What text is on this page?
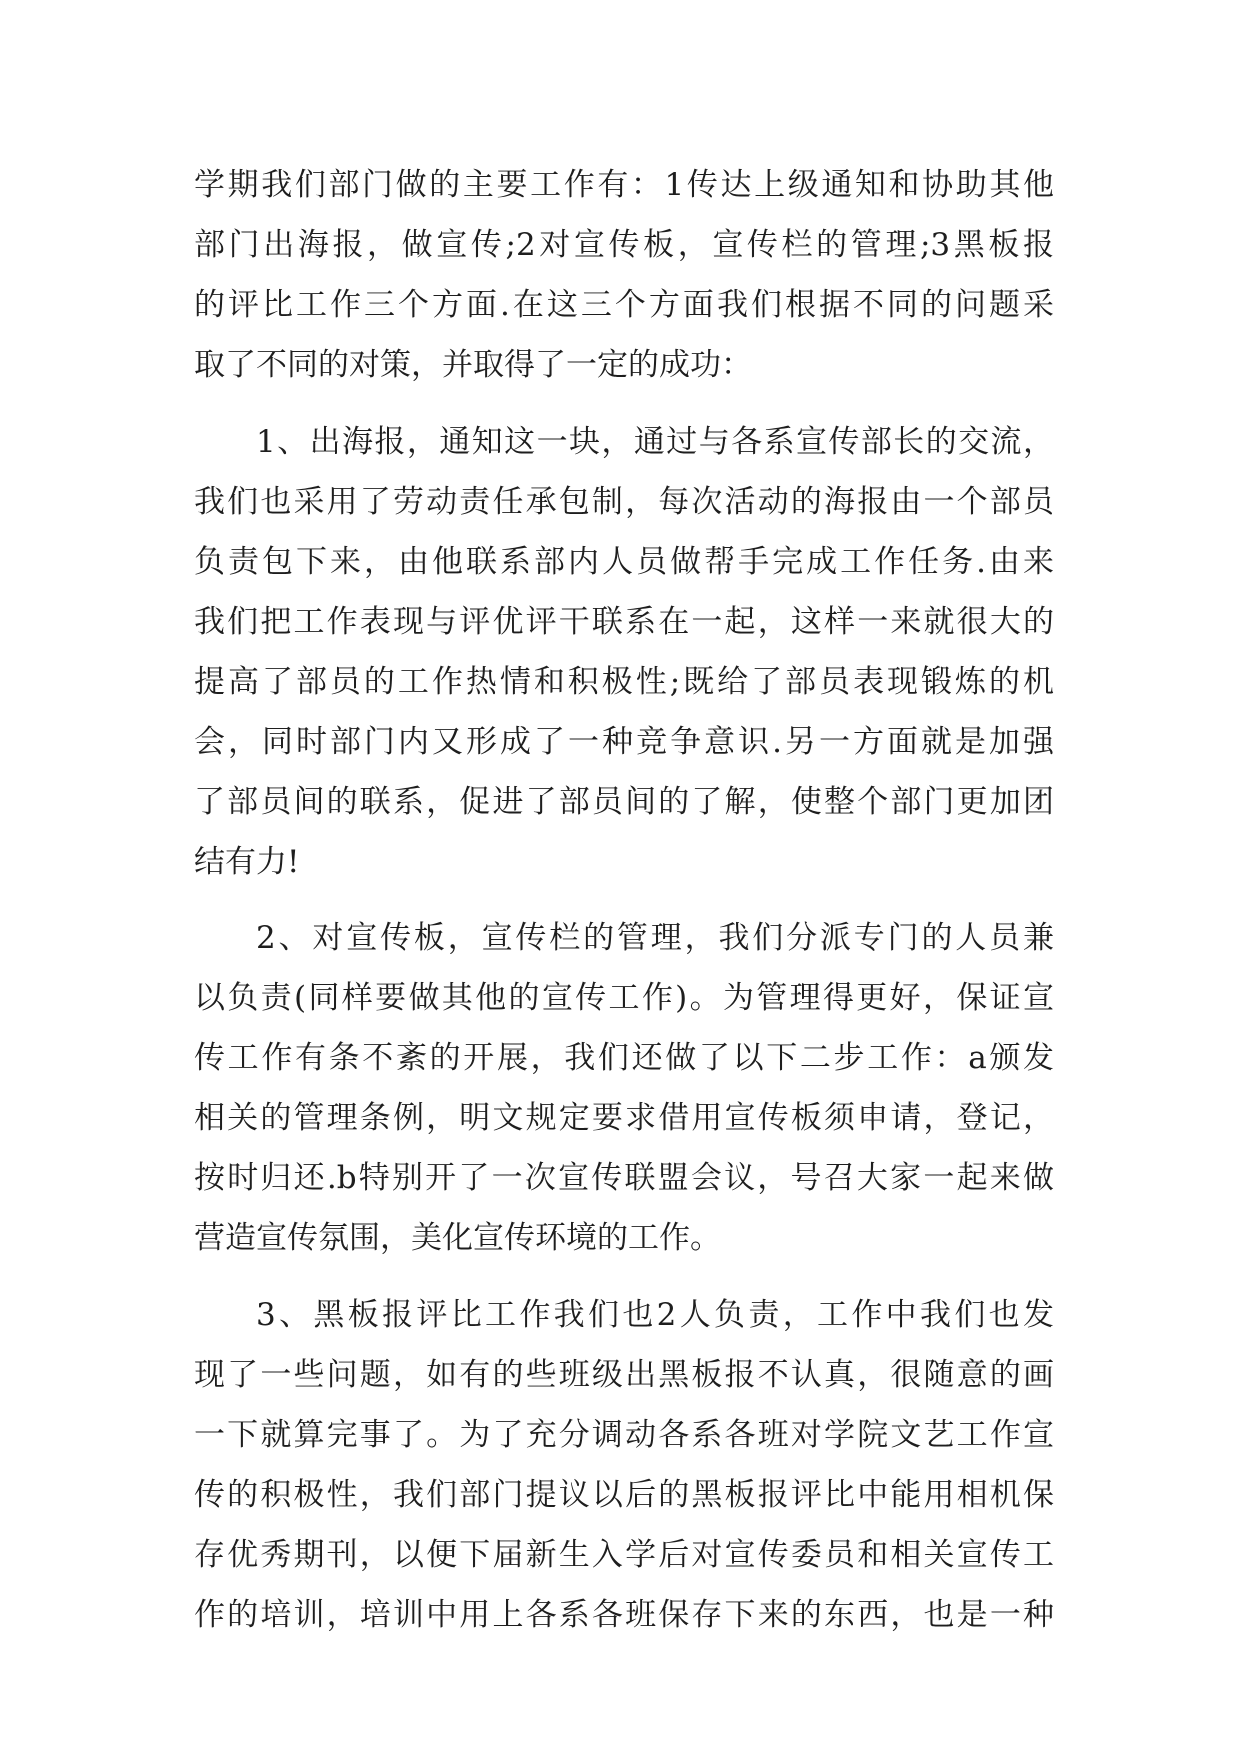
学期我们部门做的主要工作有：1传达上级通知和协助其他
部门出海报，做宣传;2对宣传板，宣传栏的管理;3黑板报
的评比工作三个方面.在这三个方面我们根据不同的问题采
取了不同的对策，并取得了一定的成功：
1、出海报，通知这一块，通过与各系宣传部长的交流，
我们也采用了劳动责任承包制，每次活动的海报由一个部员
负责包下来，由他联系部内人员做帮手完成工作任务.由来
我们把工作表现与评优评干联系在一起，这样一来就很大的
提高了部员的工作热情和积极性;既给了部员表现锻炼的机
会，同时部门内又形成了一种竞争意识.另一方面就是加强
了部员间的联系，促进了部员间的了解，使整个部门更加团
结有力!
2、对宣传板，宣传栏的管理，我们分派专门的人员兼
以负责(同样要做其他的宣传工作)。为管理得更好，保证宣
传工作有条不紊的开展，我们还做了以下二步工作：a颁发
相关的管理条例，明文规定要求借用宣传板须申请，登记，
按时归还.b特别开了一次宣传联盟会议，号召大家一起来做
营造宣传氛围，美化宣传环境的工作。
3、黑板报评比工作我们也2人负责，工作中我们也发
现了一些问题，如有的些班级出黑板报不认真，很随意的画
一下就算完事了。为了充分调动各系各班对学院文艺工作宣
传的积极性，我们部门提议以后的黑板报评比中能用相机保
存优秀期刊，以便下届新生入学后对宣传委员和相关宣传工
作的培训，培训中用上各系各班保存下来的东西，也是一种
